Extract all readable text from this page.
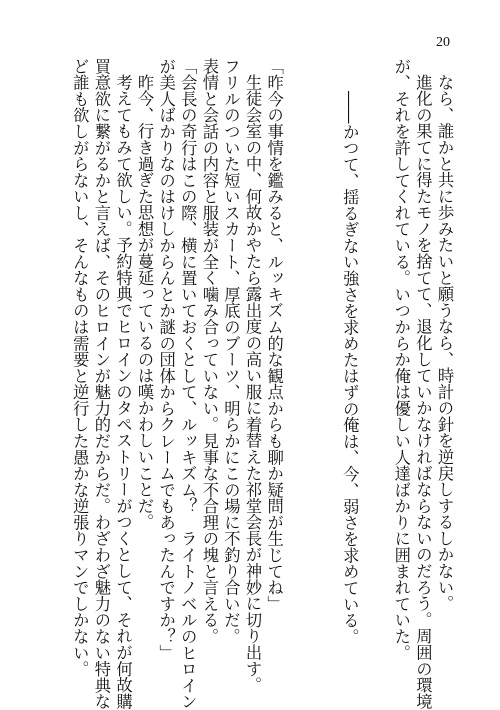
20
なら、誰かと共に歩みたいと願うなら、時計の針を逆戻しするしかない。
進化の果てに得たモノを捨てて、退化していかなければならないのだろう。周囲の環境
が、それを許してくれている。いつからか俺は優しい人達ばかりに囲まれていた。
――かつて、揺るぎない強さを求めたはずの俺は、今、弱さを求めている。
「昨今の事情を鑑みると、ルッキズム的な観点からも聊か疑問が生じてね」
生徒会室の中、何故かやたら露出度の高い服に着替えた祁堂会長が神妙に切り出す。
フリルのついた短いスカート、厚底のブーツ、明らかにこの場に不釣り合いだ。
表情と会話の内容と服装が全く噛み合っていない。見事な不合理の塊と言える。
「会長の奇行はこの際、横に置いておくとして、ルッキズム？　ライトノベルのヒロイン
が美人ばかりなのはけしからんとか謎の団体からクレームでもあったんですか？」
昨今、行き過ぎた思想が蔓延っているのは嘆かわしいことだ。
考えてもみて欲しい。予約特典でヒロインのタペストリーがつくとして、それが何故購
買意欲に繋がるかと言えば、そのヒロインが魅力的だからだ。わざわざ魅力のない特典な
ど誰も欲しがらないし、そんなものは需要と逆行した愚かな逆張りマンでしかない。
